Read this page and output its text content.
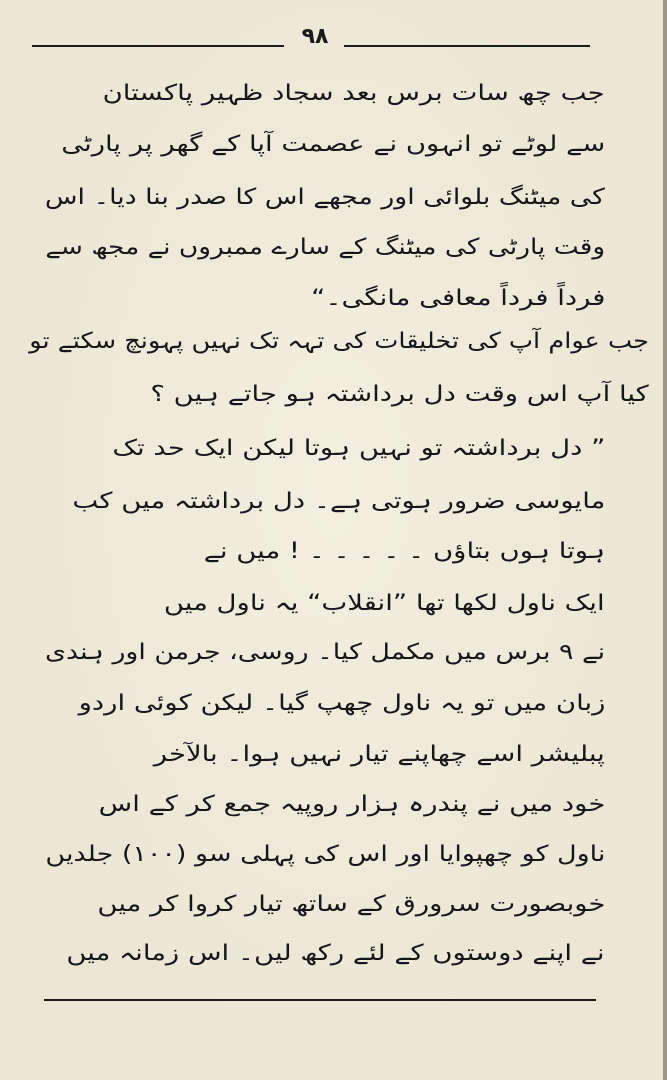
۹۸
جب چھ سات برس بعد سجاد ظہیر پاکستان
سے لوٹے تو انہوں نے عصمت آپا کے گھر پر پارٹی
کی میٹنگ بلوائی اور مجھے اس کا صدر بنا دیا۔ اس
وقت پارٹی کی میٹنگ کے سارے ممبروں نے مجھ سے
فرداً فرداً معافی مانگی۔“
جب عوام آپ کی تخلیقات کی تہہ تک نہیں پہونچ سکتے تو
کیا آپ اس وقت دل برداشتہ ہو جاتے ہیں ؟
” دل برداشتہ تو نہیں ہوتا لیکن ایک حد تک
مایوسی ضرور ہوتی ہے۔ دل برداشتہ میں کب
ہوتا ہوں بتاؤں ۔ ۔ ۔ ۔ ۔ ! میں نے
ایک ناول لکھا تھا ”انقلاب“ یہ ناول میں
نے ۹ برس میں مکمل کیا۔ روسی، جرمن اور ہندی
زبان میں تو یہ ناول چھپ گیا۔ لیکن کوئی اردو
پبلیشر اسے چھاپنے تیار نہیں ہوا۔ بالآخر
خود میں نے پندرہ ہزار روپیہ جمع کر کے اس
ناول کو چھپوایا اور اس کی پہلی سو (۱۰۰) جلدیں
خوبصورت سرورق کے ساتھ تیار کروا کر میں
نے اپنے دوستوں کے لئے رکھ لیں۔ اس زمانہ میں
